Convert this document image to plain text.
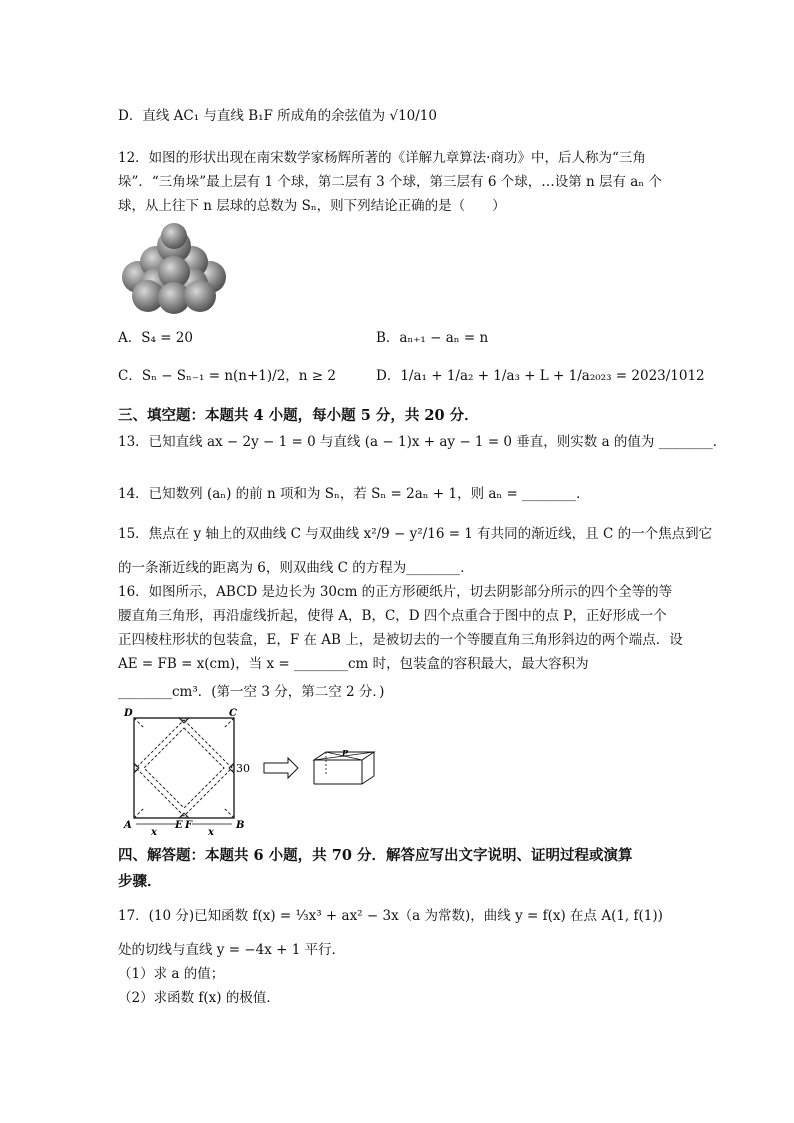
D．直线 AC₁ 与直线 B₁F 所成角的余弦值为 √10/10
12．如图的形状出现在南宋数学家杨辉所著的《详解九章算法·商功》中，后人称为“三角
垛”．“三角垛”最上层有 1 个球，第二层有 3 个球，第三层有 6 个球，…设第 n 层有 aₙ 个
球，从上往下 n 层球的总数为 Sₙ，则下列结论正确的是（　　）
A．S₄ = 20	B．aₙ₊₁ − aₙ = n
C．Sₙ − Sₙ₋₁ = n(n+1)/2，n ≥ 2	D．1/a₁ + 1/a₂ + 1/a₃ + L + 1/a₂₀₂₃ = 2023/1012
三、填空题：本题共 4 小题，每小题 5 分，共 20 分．
13．已知直线 ax − 2y − 1 = 0 与直线 (a − 1)x + ay − 1 = 0 垂直，则实数 a 的值为 ________．
14．已知数列 (aₙ) 的前 n 项和为 Sₙ，若 Sₙ = 2aₙ + 1，则 aₙ = ________．
15．焦点在 y 轴上的双曲线 C 与双曲线 x²/9 − y²/16 = 1 有共同的渐近线，且 C 的一个焦点到它
的一条渐近线的距离为 6，则双曲线 C 的方程为________．
16．如图所示，ABCD 是边长为 30cm 的正方形硬纸片，切去阴影部分所示的四个全等的等
腰直角三角形，再沿虚线折起，使得 A，B，C，D 四个点重合于图中的点 P，正好形成一个
正四棱柱形状的包装盒，E，F 在 AB 上，是被切去的一个等腰直角三角形斜边的两个端点．设
AE = FB = x(cm)，当 x = ________cm 时，包装盒的容积最大，最大容积为
________cm³．(第一空 3 分，第二空 2 分．)
D	C
A	B
E F
30
x	x
P
四、解答题：本题共 6 小题，共 70 分．解答应写出文字说明、证明过程或演算
步骤．
17．(10 分)已知函数 f(x) = ⅓x³ + ax² − 3x（a 为常数)，曲线 y = f(x) 在点 A(1, f(1))
处的切线与直线 y = −4x + 1 平行．
（1）求 a 的值；
（2）求函数 f(x) 的极值．
